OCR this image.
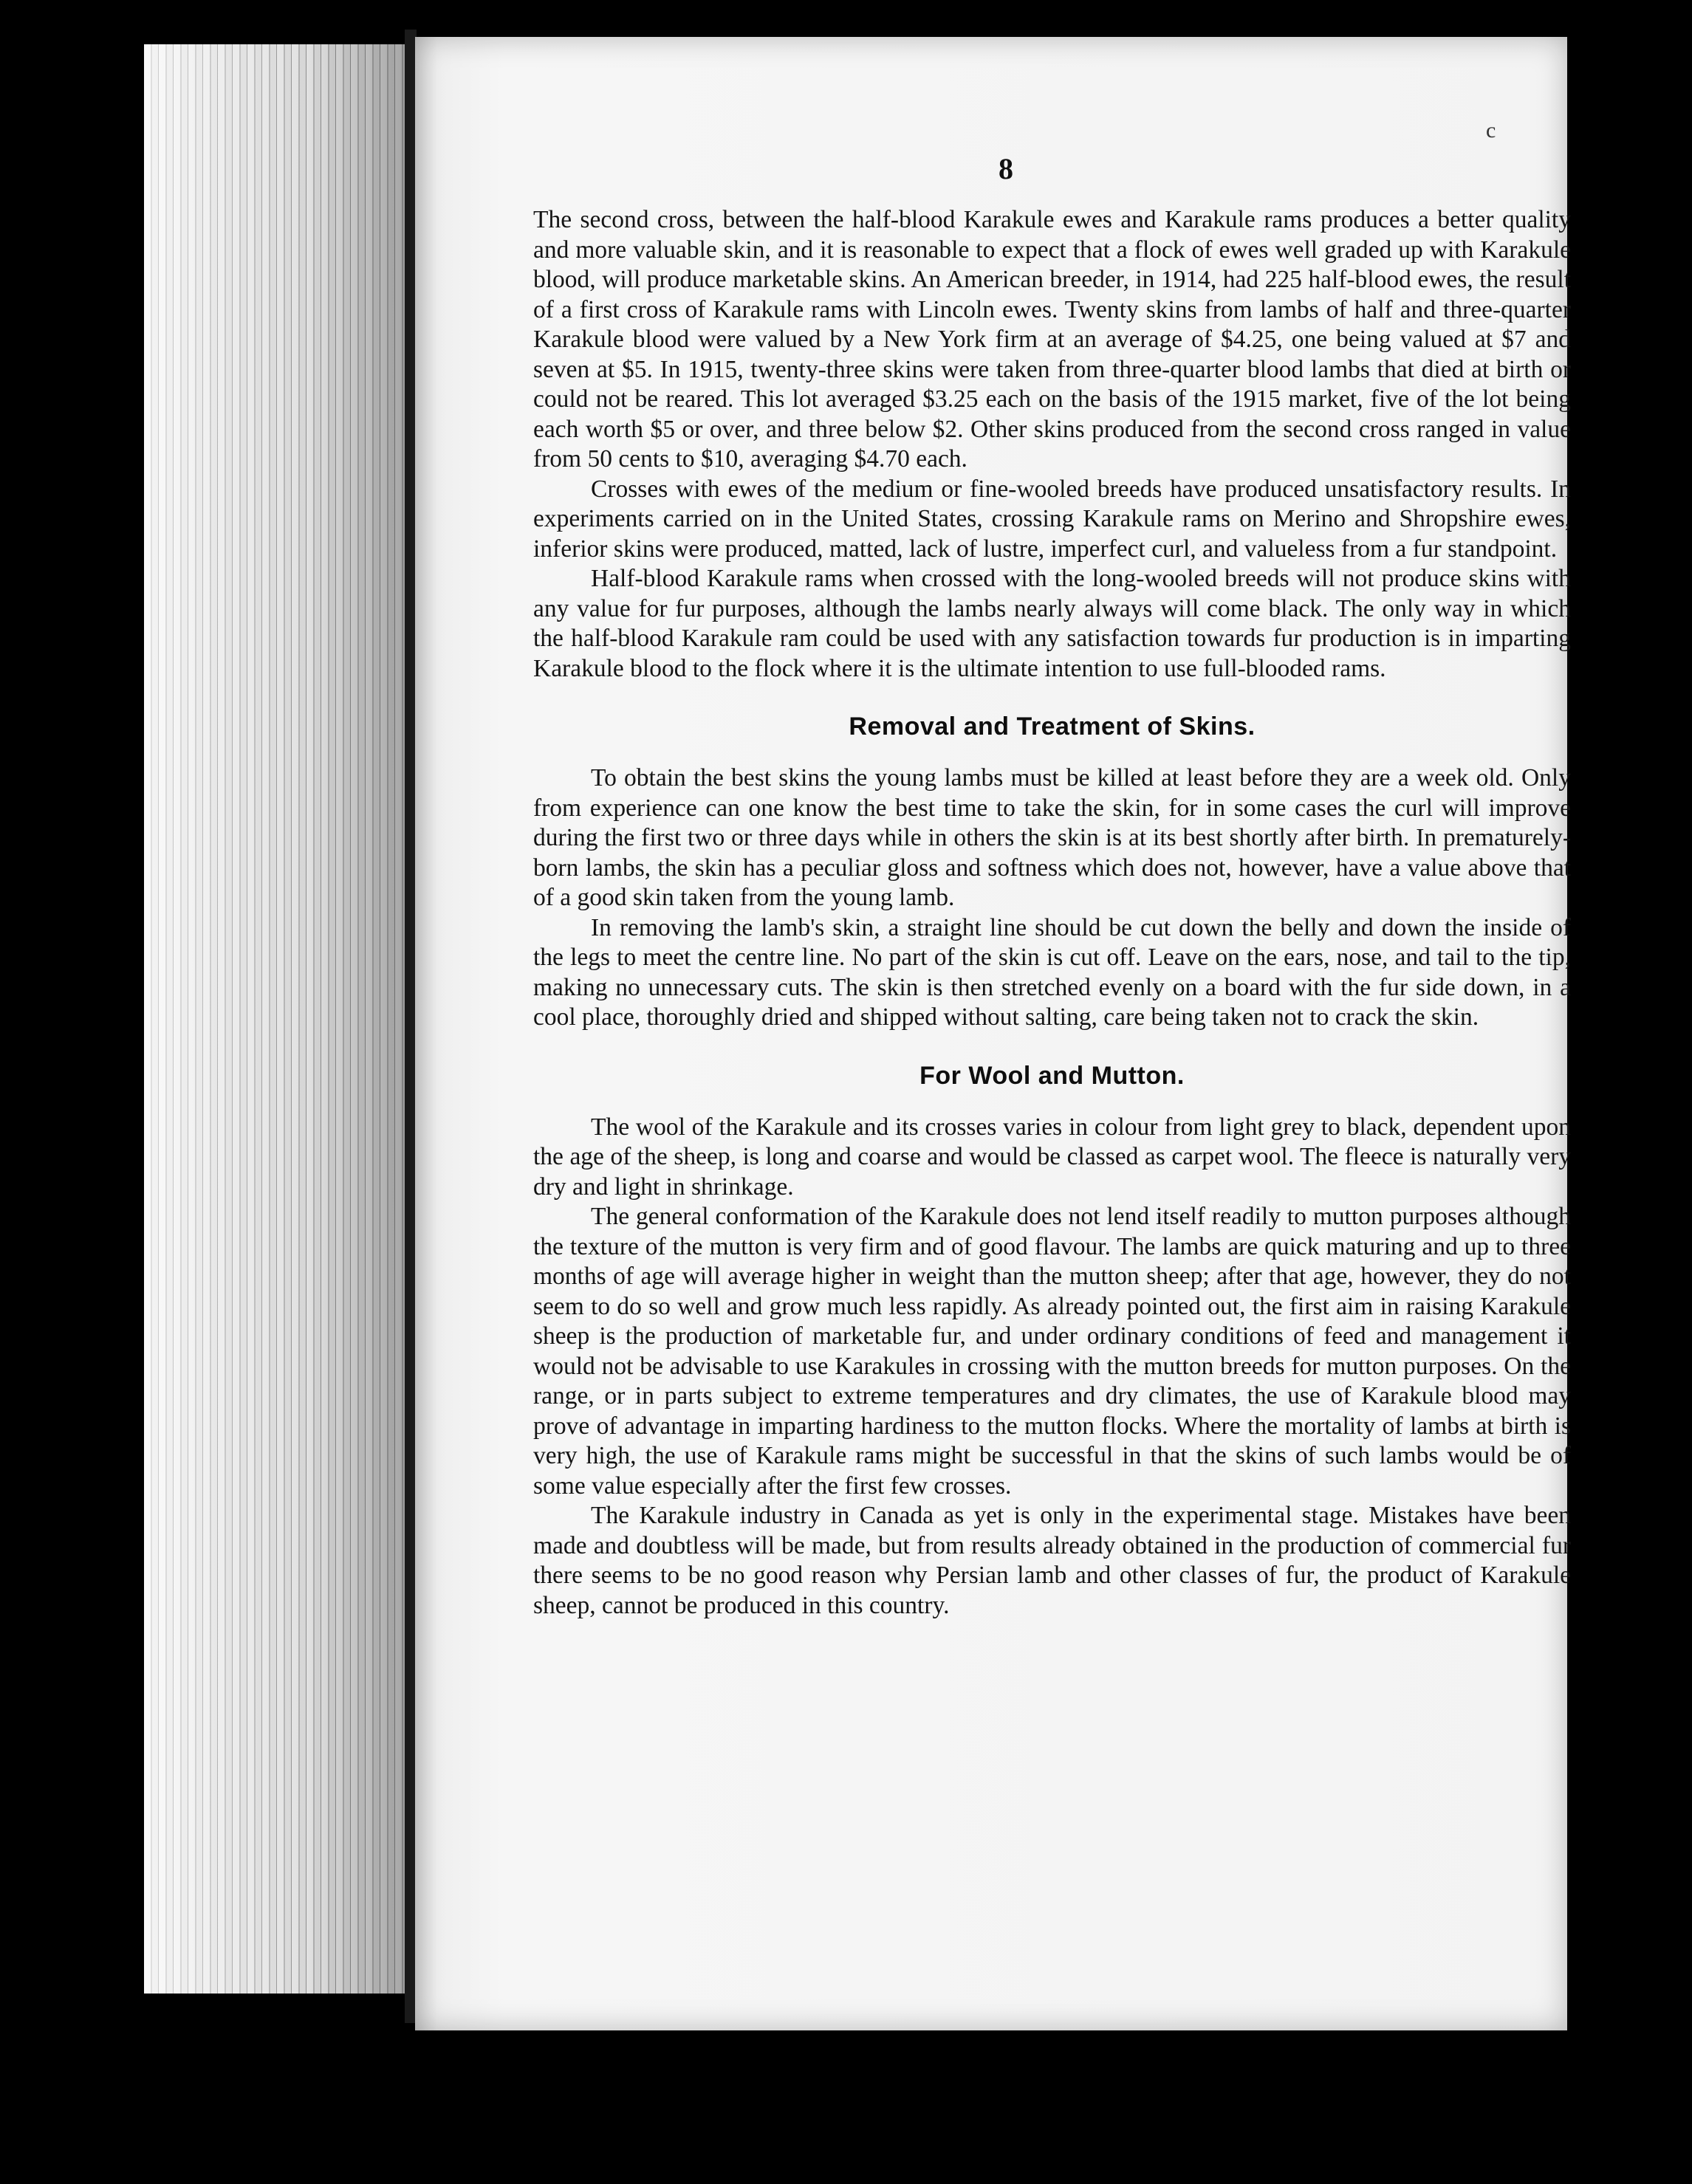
c
8

The second cross, between the half-blood Karakule ewes and Karakule rams produces a better quality and more valuable skin, and it is reasonable to expect that a flock of ewes well graded up with Karakule blood, will produce marketable skins. An American breeder, in 1914, had 225 half-blood ewes, the result of a first cross of Karakule rams with Lincoln ewes. Twenty skins from lambs of half and three-quarter Karakule blood were valued by a New York firm at an average of $4.25, one being valued at $7 and seven at $5. In 1915, twenty-three skins were taken from three-quarter blood lambs that died at birth or could not be reared. This lot averaged $3.25 each on the basis of the 1915 market, five of the lot being each worth $5 or over, and three below $2. Other skins produced from the second cross ranged in value from 50 cents to $10, averaging $4.70 each.

Crosses with ewes of the medium or fine-wooled breeds have produced unsatisfactory results. In experiments carried on in the United States, crossing Karakule rams on Merino and Shropshire ewes, inferior skins were produced, matted, lack of lustre, imperfect curl, and valueless from a fur standpoint.

Half-blood Karakule rams when crossed with the long-wooled breeds will not produce skins with any value for fur purposes, although the lambs nearly always will come black. The only way in which the half-blood Karakule ram could be used with any satisfaction towards fur production is in imparting Karakule blood to the flock where it is the ultimate intention to use full-blooded rams.

Removal and Treatment of Skins.

To obtain the best skins the young lambs must be killed at least before they are a week old. Only from experience can one know the best time to take the skin, for in some cases the curl will improve during the first two or three days while in others the skin is at its best shortly after birth. In prematurely-born lambs, the skin has a peculiar gloss and softness which does not, however, have a value above that of a good skin taken from the young lamb.

In removing the lamb's skin, a straight line should be cut down the belly and down the inside of the legs to meet the centre line. No part of the skin is cut off. Leave on the ears, nose, and tail to the tip, making no unnecessary cuts. The skin is then stretched evenly on a board with the fur side down, in a cool place, thoroughly dried and shipped without salting, care being taken not to crack the skin.

For Wool and Mutton.

The wool of the Karakule and its crosses varies in colour from light grey to black, dependent upon the age of the sheep, is long and coarse and would be classed as carpet wool. The fleece is naturally very dry and light in shrinkage.

The general conformation of the Karakule does not lend itself readily to mutton purposes although the texture of the mutton is very firm and of good flavour. The lambs are quick maturing and up to three months of age will average higher in weight than the mutton sheep; after that age, however, they do not seem to do so well and grow much less rapidly. As already pointed out, the first aim in raising Karakule sheep is the production of marketable fur, and under ordinary conditions of feed and management it would not be advisable to use Karakules in crossing with the mutton breeds for mutton purposes. On the range, or in parts subject to extreme temperatures and dry climates, the use of Karakule blood may prove of advantage in imparting hardiness to the mutton flocks. Where the mortality of lambs at birth is very high, the use of Karakule rams might be successful in that the skins of such lambs would be of some value especially after the first few crosses.

The Karakule industry in Canada as yet is only in the experimental stage. Mistakes have been made and doubtless will be made, but from results already obtained in the production of commercial fur there seems to be no good reason why Persian lamb and other classes of fur, the product of Karakule sheep, cannot be produced in this country.
